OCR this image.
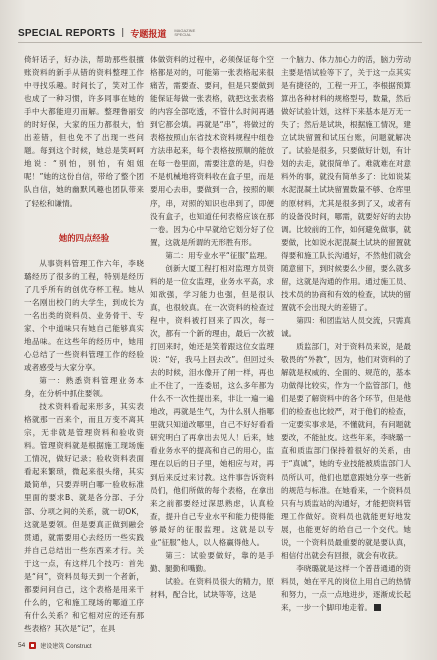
SPECIAL REPORTS | 专题报道 MAGAZINE SPECIAL

倚轩话子，好办法，帮助那些很擅账资料的新手从错的资料整理工作中寻找乐趣。时间长了，笑对工作也成了一种习惯，许多同事在她的手中大都能迎刃而解。整理鲁丽安的时好保，大家的压力都很大，怕出差错，但也免不了出现一些问题。每到这个时候，她总是笑呵呵地说：“别怕，别怕，有姐姐呢！”她的这份自信，带给了整个团队自信，她的幽默风趣也团队带来了轻松和谦情。

她的四点经验

从事资料管理工作六年，李晓璐经历了很多的工程，特别是经历了几乎所有的创优夺杯工程。她从一名刚出校门的大学生，到成长为一名出类的资料员、业务骨干、专家、个中道味只有她自己能够真实地品味。在这些年的经历中，她用心总结了一些资料管理工作的经验或者感受与大家分享。

第一：熟悉资料管理业务本身，在分析中抓住要领。

技术资料看起来形多，其实表格就那一百来个，而且万变不离其宗，无非就是管理资料和验收资料。管理资料就是根据施工现场施工情况，做好记录；验收资料表面看起来繁琐，微起来很头绪，其实最简单，只要弄明白哪一验收标准里面的要求B、就是各分部、子分部、分项之间的关系，就一切OK，这就是要领。但是要真正做到融会贯通，就需要用心去经历一些实践并自己总结出一些东西来才行。关于这一点，有这样几个技巧：首先是“问”，资料员每天到一个者新，都要问问自己，这个表格是用来干什么的，它和施工现场的哪道工序有什么关系？和它相对应的还有那些表格？其次是“记”，在具

体做资料的过程中，必须保证每个空格都是对的，可能第一张表格起来很痛苦，需要查、要问，但是只要做到能保证每做一张表格，就把这张表格的内容全部吃透，不管什么时间再遇到它都会填。再就是“串”，将做过的表格按照山东省技术资料规程中组卷方法串起来，每个表格按照顺的能放在每一卷里面，需要注意的是，归卷不是机械地将资料收在盒子里，而是要用心去串，要做到一合，按照的顺序，串，对照的知识也串到了，即便没有盒子，也知道任何表格应该在那一卷。因为心中早就给它划分好了位置，这就是所谓的无形胜有形。

第二：用专业水平“征服”监理。

创新大厦工程打相对监理方员资料的是一位女监理，业务水平高，求知欲强，学习能力也强，但是很认真，也很较真。在一次资料的检查过程中，资料被打回来了四次，每一次，都有一个新的理由，最后一次被打回来时，她还是笑着跟这位女监理说：“好，我马上回去改”。但回过头去的时候，泪水像开了闸一样，再也止不住了，一连委屈，这么多年都为什么不一次性提出来，非让一遍一遍地改，再就是生气，为什么别人指哪里就只知道改哪里，自己不好好看看研究明白了再拿出去见人！后来，她看业务水平的提高和自己的用心，监理在以后的日子里，她相应与对，再到后来反过来讨教。这件事告诉资料员们，他们所做的每个表格，在拿出来之前都要经过深思熟虑，认真检查，提升自己专业水平和能力使得能够最好的征服监理。这就是以专业“征服”他人，以人格赢得他人。

第三：试验要做好，靠的是手勤、腿勤和嘴勤。

试验。在资料员很大的精力，原材料，配合比，试块等等，这是

一个脑力、体力加心力的活，脑力劳动主要是悟试验等下了，关于这一点其实是有捷径的，工程一开工，李根据预算算出各种材料的规格型号，数量，然后做好试验计划，这样下来基本是万无一失了；然后是试块，根据施工情况，建立试块留置和试压台账，问题就解决了。试验是很多，只要做好计划，有计划的去走，就很简单了。难就难在对意料外的事，就没有简单多了：比如说某水泥混凝土试块留置数量不够、仓库里的原材料，尤其是很多到了又，或者有的设备没时间，哪需，就要好好的去协调。比较前的工作，如何避免做事，就要做，比如说水泥混凝土试块的留置就得要和施工队长沟通好，不然他们就会随意留下，到时候要么少留，要么就多留，这就是沟通的作用。通过施工员、技术员的协商和有效的检查，试块的留置就不会出现大的差错了。

第四：和团监站人员交流，只需真诚。

质监部门，对于资料员来说，是最敬畏的“外教”，因为，他们对资料的了解就是权威的、全面的、规范的，基本功做得比较实，作为一个监管部门，他们是要了解资料中的各个环节，但是他们的检查也比较严，对于他们的检查，一定要实事求是，不懂就问，有问题就要改，不能扯皮。这些年来，李晓璐一直和质监部门保持着很好的关系，由于“真诚”，她的专业技能被质监部门人员所认可，他们也愿意跟她分享一些新的规范与标准。在她看来，一个资料员只有与质监站的沟通好，才能把资料管理工作做好。资料员也就能更好地发展，也能更好的给自己一个交代。她说，一个资料员最重要的就是要认真，相信付出就会有回报，就会有收获。

李晓璐就是这样一个普普通通的资料员，她在平凡的岗位上用自己的热情和努力，一点一点地进步，逐渐成长起来，一步一个脚印地走着。

54	建设建筑 Construct
